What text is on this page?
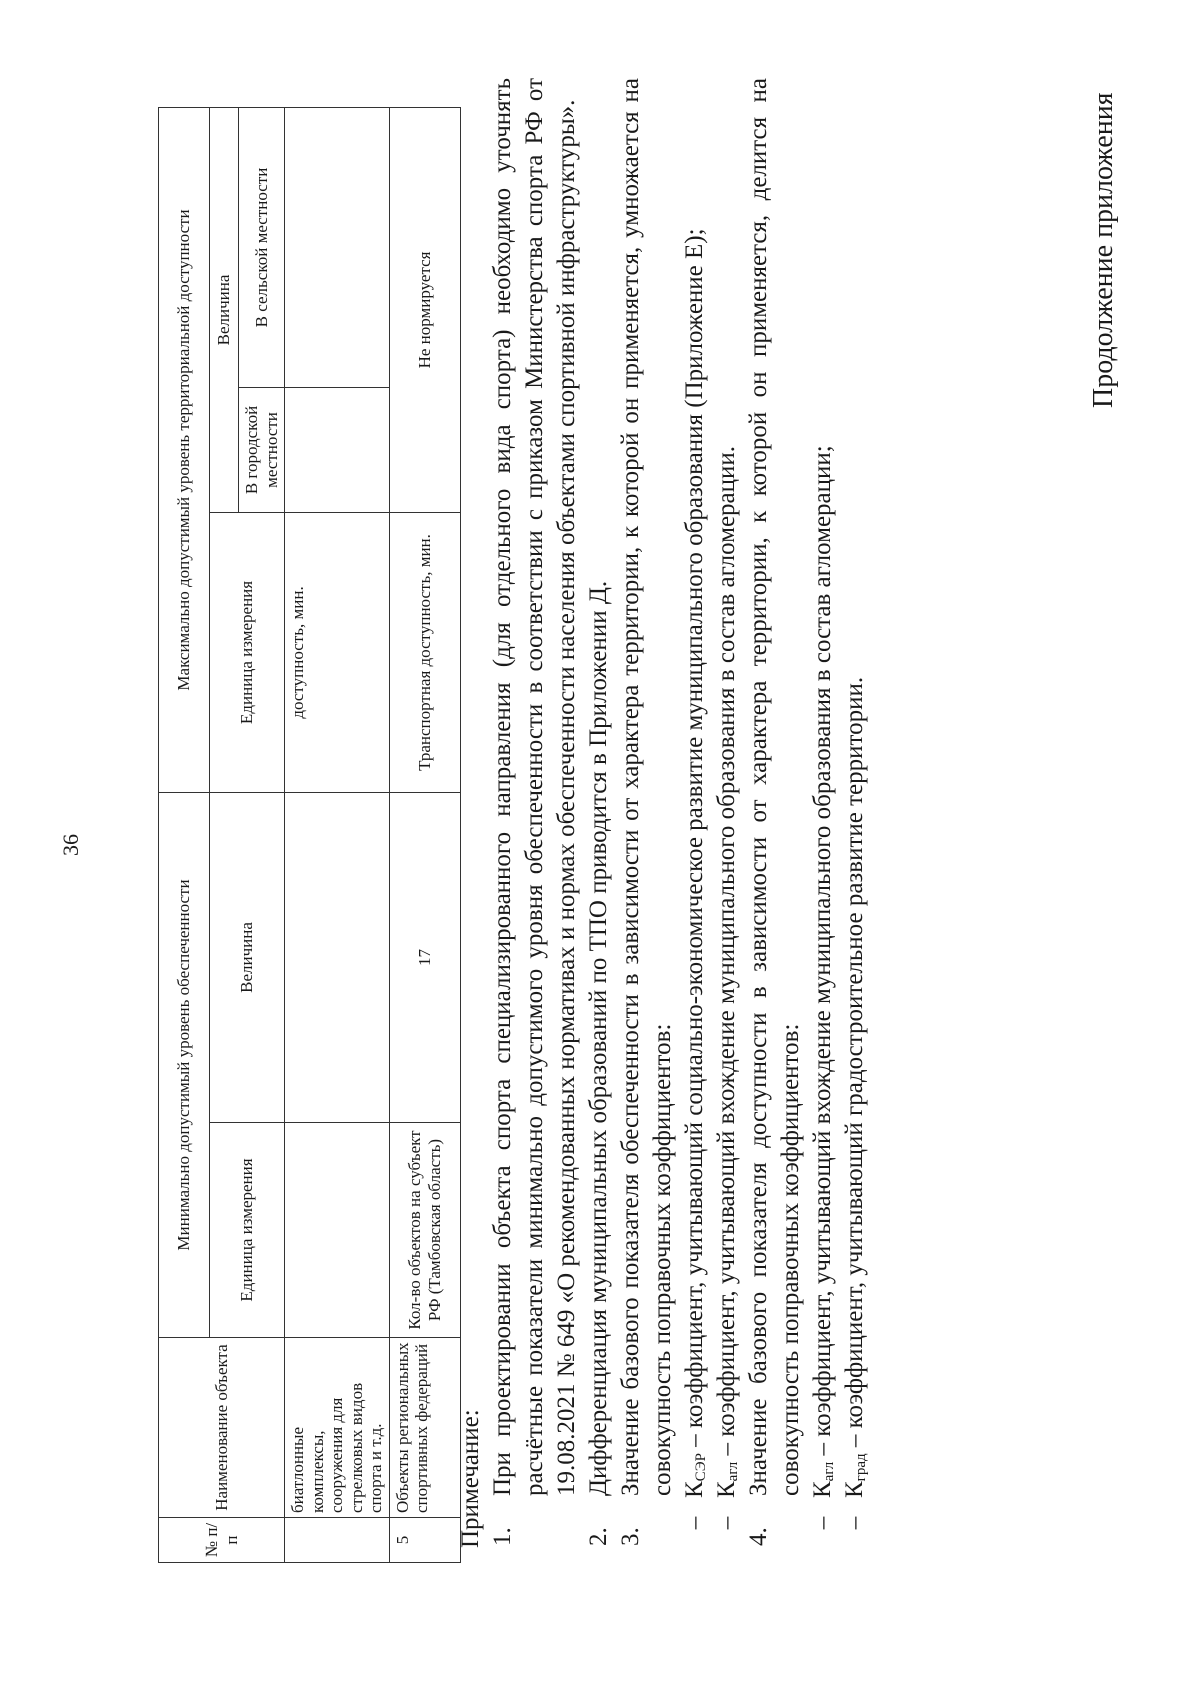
36
Продолжение приложения
№ п/п	Наименование объекта	Минимально допустимый уровень обеспеченности		Максимально допустимый уровень территориальной доступности		
		Единица измерения	Величина	Единица измерения	Величина	
					В городской местности	В сельской местности
	биатлонные комплексы, сооружения для стрелковых видов спорта и т.д.			доступность, мин.		
5	Объекты региональных спортивных федераций	Кол-во объектов на субъект РФ (Тамбовская область)	17	Транспортная доступность, мин.	Не нормируется	

Примечание: 1.
При проектировании объекта спорта специализированного направления (для отдельного вида спорта) необходимо уточнять расчётные показатели минимально допустимого уровня обеспеченности в соответствии с приказом Министерства спорта РФ от 19.08.2021 № 649 «О рекомендованных нормативах и нормах обеспеченности населения объектами спортивной инфраструктуры».
2.
Дифференциация муниципальных образований по ТПО приводится в Приложении Д.
3.
Значение базового показателя обеспеченности в зависимости от характера территории, к которой он применяется, умножается на совокупность поправочных коэффициентов:
–
$К_{СЭР}$ – коэффициент, учитывающий социально-экономическое развитие муниципального образования (Приложение Е);
–
$К_{агл}$ – коэффициент, учитывающий вхождение муниципального образования в состав агломерации.
4.
Значение базового показателя доступности в зависимости от характера территории, к которой он применяется, делится на совокупность поправочных коэффициентов:
–
$К_{агл}$ – коэффициент, учитывающий вхождение муниципального образования в состав агломерации;
–
$К_{град}$ – коэффициент, учитывающий градостроительное развитие территории.
